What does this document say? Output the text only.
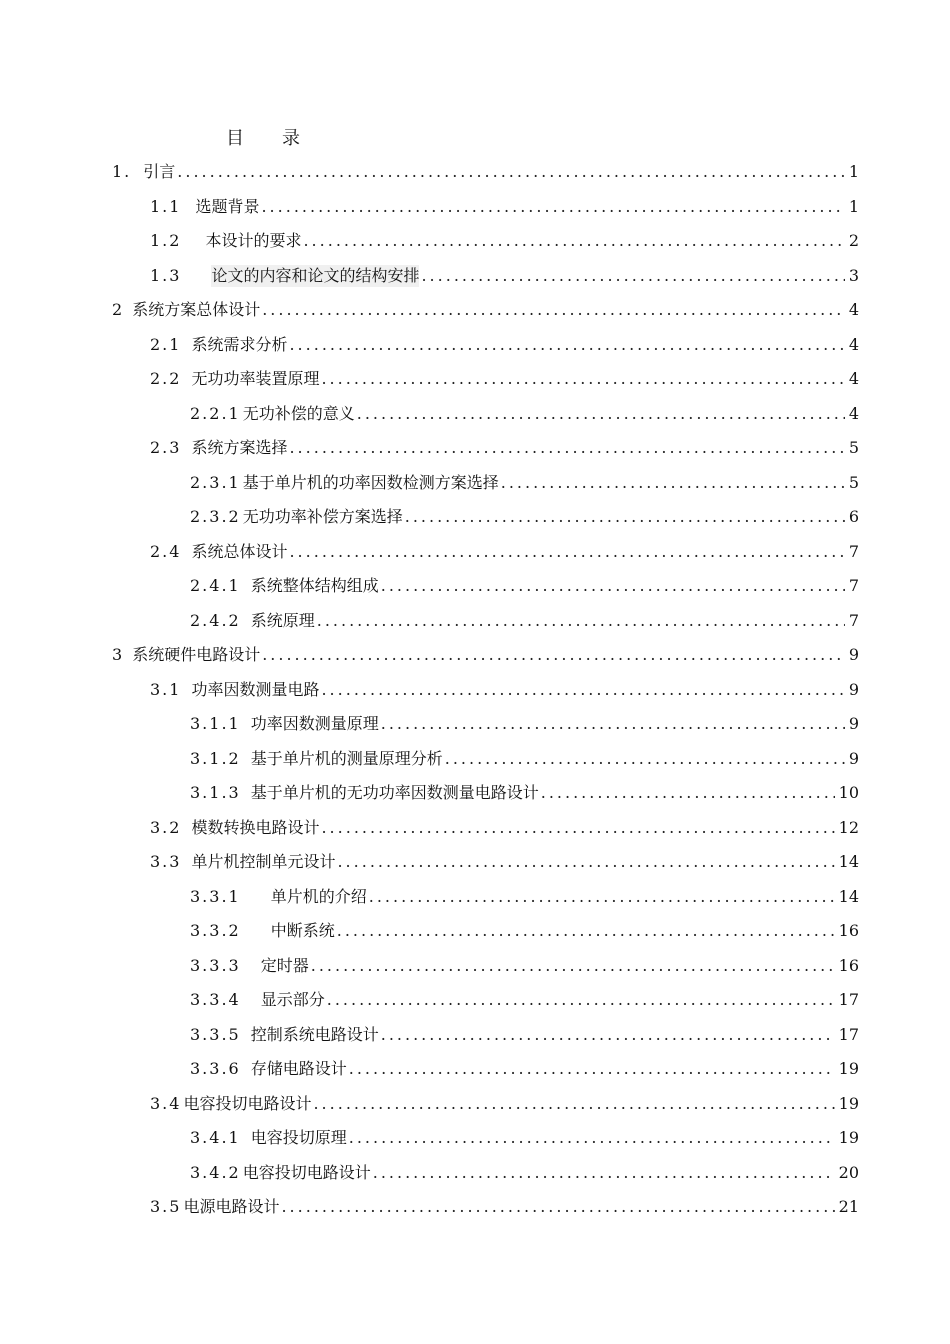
目 录
1. 引言 .....	1
1.1 选题背景 .....	1
1.2 本设计的要求 .....	2
1.3 论文的内容和论文的结构安排 .....	3
2 系统方案总体设计 .....	4
2.1 系统需求分析 .....	4
2.2 无功功率装置原理 .....	4
2.2.1 无功补偿的意义 .....	4
2.3 系统方案选择 .....	5
2.3.1 基于单片机的功率因数检测方案选择 .....	5
2.3.2 无功功率补偿方案选择 .....	6
2.4 系统总体设计 .....	7
2.4.1 系统整体结构组成 .....	7
2.4.2 系统原理 .....	7
3 系统硬件电路设计 .....	9
3.1 功率因数测量电路 .....	9
3.1.1 功率因数测量原理 .....	9
3.1.2 基于单片机的测量原理分析 .....	9
3.1.3 基于单片机的无功功率因数测量电路设计 .....	10
3.2 模数转换电路设计 .....	12
3.3 单片机控制单元设计 .....	14
3.3.1 单片机的介绍 .....	14
3.3.2 中断系统 .....	16
3.3.3 定时器 .....	16
3.3.4 显示部分 .....	17
3.3.5 控制系统电路设计 .....	17
3.3.6 存储电路设计 .....	19
3.4 电容投切电路设计 .....	19
3.4.1 电容投切原理 .....	19
3.4.2 电容投切电路设计 .....	20
3.5 电源电路设计 .....	21
